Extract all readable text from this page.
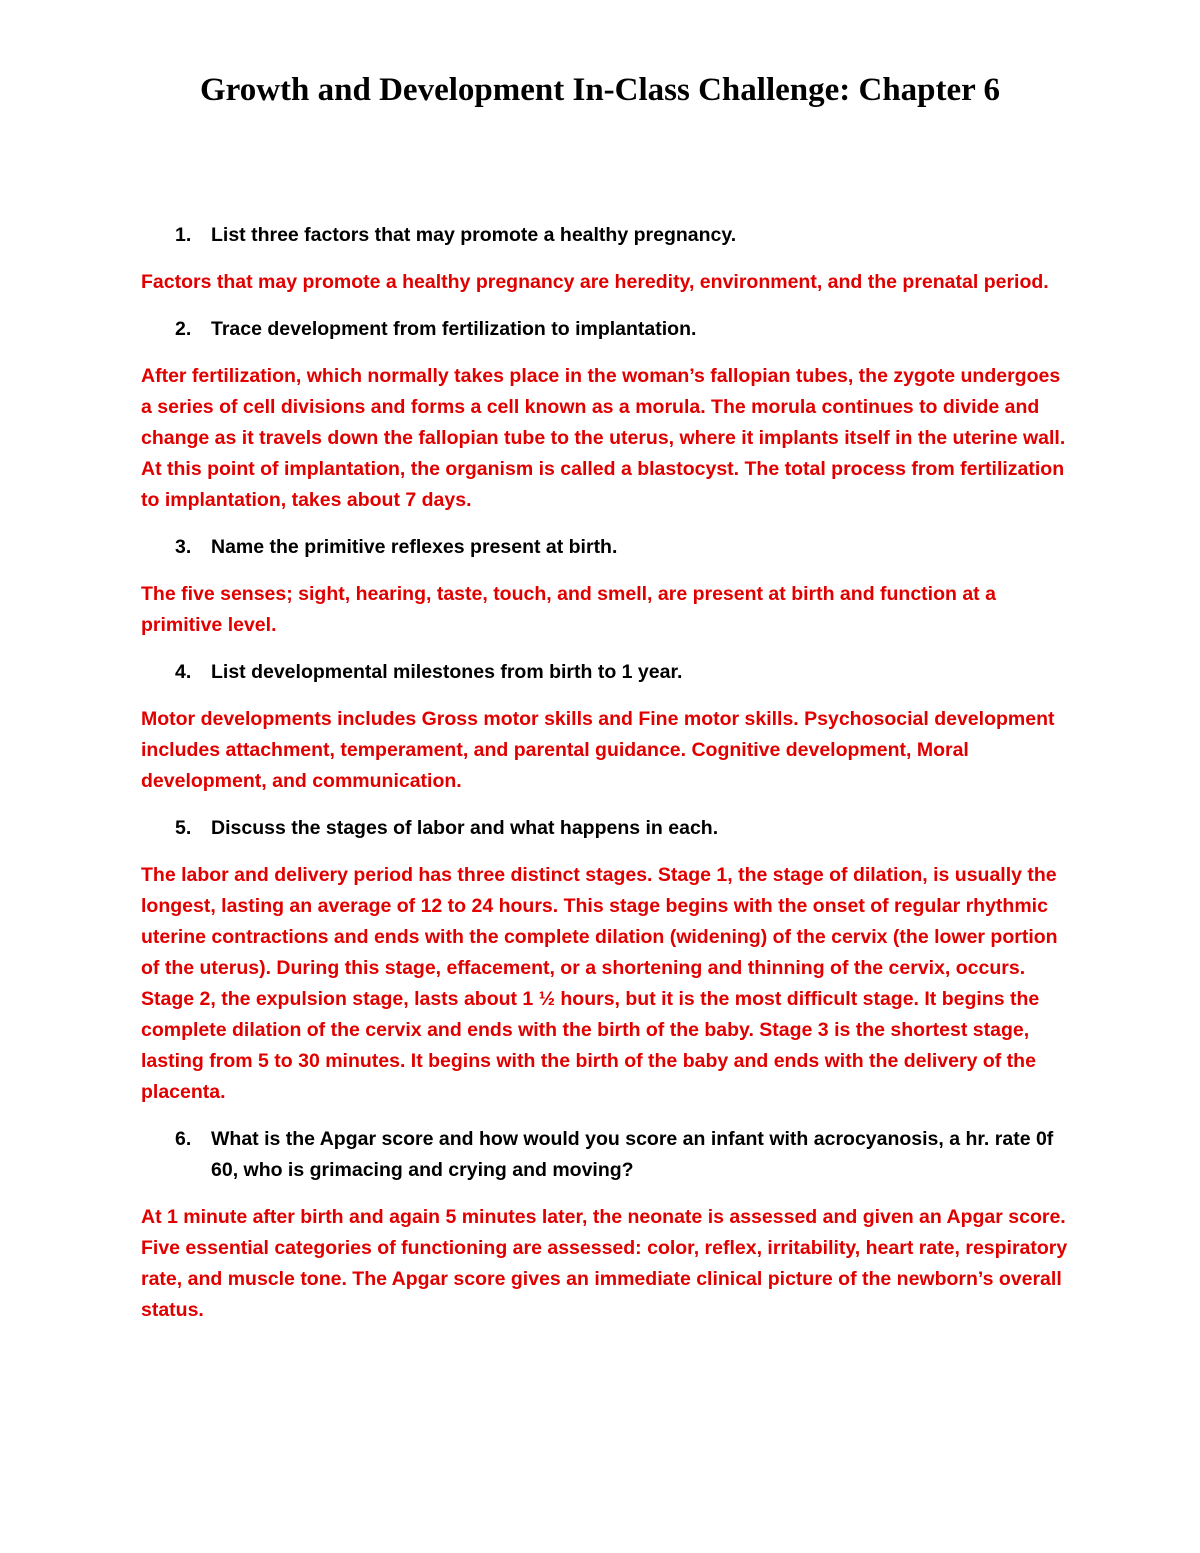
Growth and Development In-Class Challenge: Chapter 6
1. List three factors that may promote a healthy pregnancy.
Factors that may promote a healthy pregnancy are heredity, environment, and the prenatal period.
2. Trace development from fertilization to implantation.
After fertilization, which normally takes place in the woman’s fallopian tubes, the zygote undergoes a series of cell divisions and forms a cell known as a morula. The morula continues to divide and change as it travels down the fallopian tube to the uterus, where it implants itself in the uterine wall. At this point of implantation, the organism is called a blastocyst. The total process from fertilization to implantation, takes about 7 days.
3. Name the primitive reflexes present at birth.
The five senses; sight, hearing, taste, touch, and smell, are present at birth and function at a primitive level.
4. List developmental milestones from birth to 1 year.
Motor developments includes Gross motor skills and Fine motor skills. Psychosocial development includes attachment, temperament, and parental guidance. Cognitive development, Moral development, and communication.
5. Discuss the stages of labor and what happens in each.
The labor and delivery period has three distinct stages. Stage 1, the stage of dilation, is usually the longest, lasting an average of 12 to 24 hours. This stage begins with the onset of regular rhythmic uterine contractions and ends with the complete dilation (widening) of the cervix (the lower portion of the uterus). During this stage, effacement, or a shortening and thinning of the cervix, occurs. Stage 2, the expulsion stage, lasts about 1 ½ hours, but it is the most difficult stage. It begins the complete dilation of the cervix and ends with the birth of the baby. Stage 3 is the shortest stage, lasting from 5 to 30 minutes. It begins with the birth of the baby and ends with the delivery of the placenta.
6. What is the Apgar score and how would you score an infant with acrocyanosis, a hr. rate 0f 60, who is grimacing and crying and moving?
At 1 minute after birth and again 5 minutes later, the neonate is assessed and given an Apgar score. Five essential categories of functioning are assessed: color, reflex, irritability, heart rate, respiratory rate, and muscle tone. The Apgar score gives an immediate clinical picture of the newborn’s overall status.
